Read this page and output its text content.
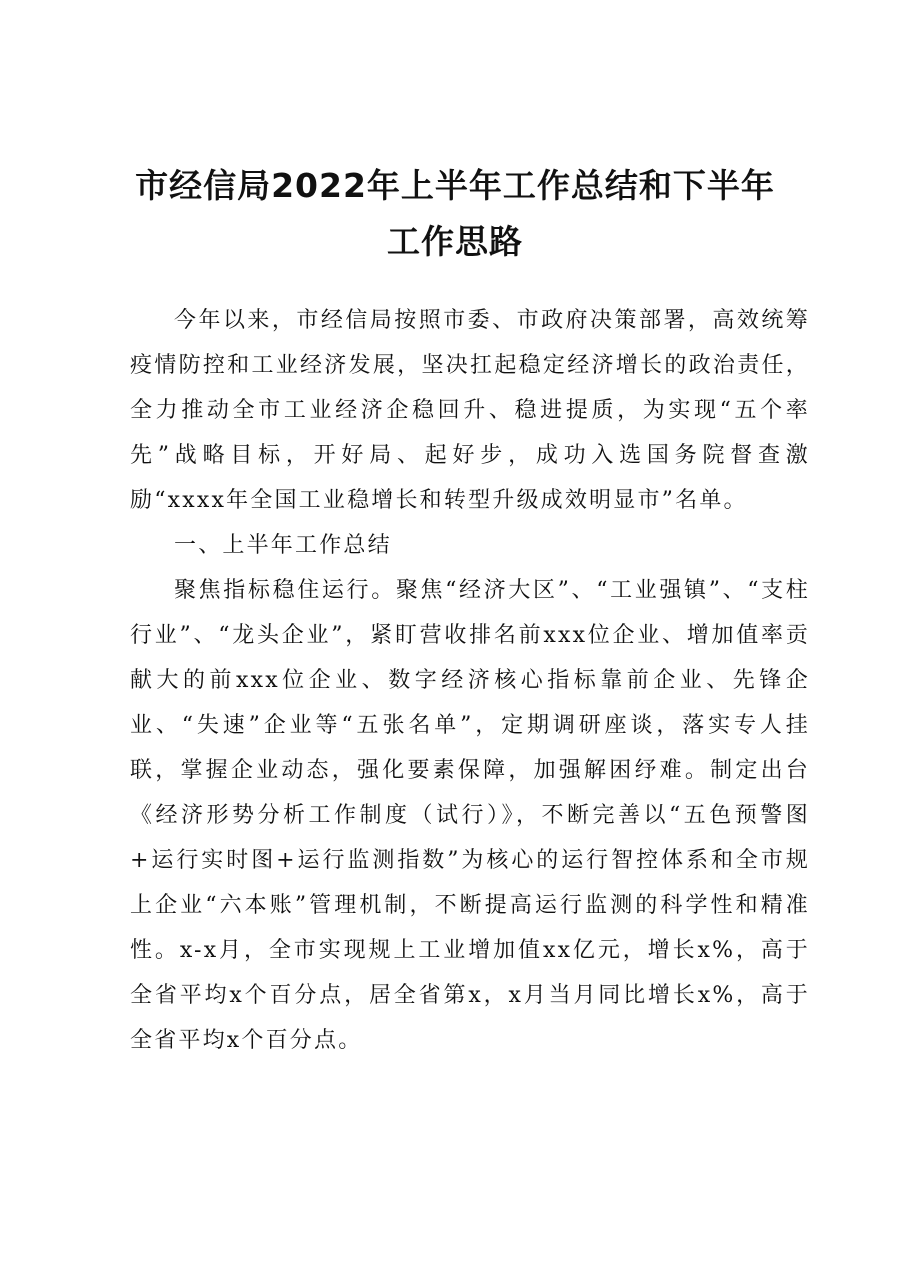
市经信局2022年上半年工作总结和下半年工作思路

今年以来，市经信局按照市委、市政府决策部署，高效统筹疫情防控和工业经济发展，坚决扛起稳定经济增长的政治责任，全力推动全市工业经济企稳回升、稳进提质，为实现“五个率先”战略目标，开好局、起好步，成功入选国务院督查激励“xxxx年全国工业稳增长和转型升级成效明显市”名单。

一、上半年工作总结

聚焦指标稳住运行。聚焦“经济大区”、“工业强镇”、“支柱行业”、“龙头企业”，紧盯营收排名前xxx位企业、增加值率贡献大的前xxx位企业、数字经济核心指标靠前企业、先锋企业、“失速”企业等“五张名单”，定期调研座谈，落实专人挂联，掌握企业动态，强化要素保障，加强解困纾难。制定出台《经济形势分析工作制度（试行）》，不断完善以“五色预警图+运行实时图+运行监测指数”为核心的运行智控体系和全市规上企业“六本账”管理机制，不断提高运行监测的科学性和精准性。x-x月，全市实现规上工业增加值xx亿元，增长x%，高于全省平均x个百分点，居全省第x，x月当月同比增长x%，高于全省平均x个百分点。
